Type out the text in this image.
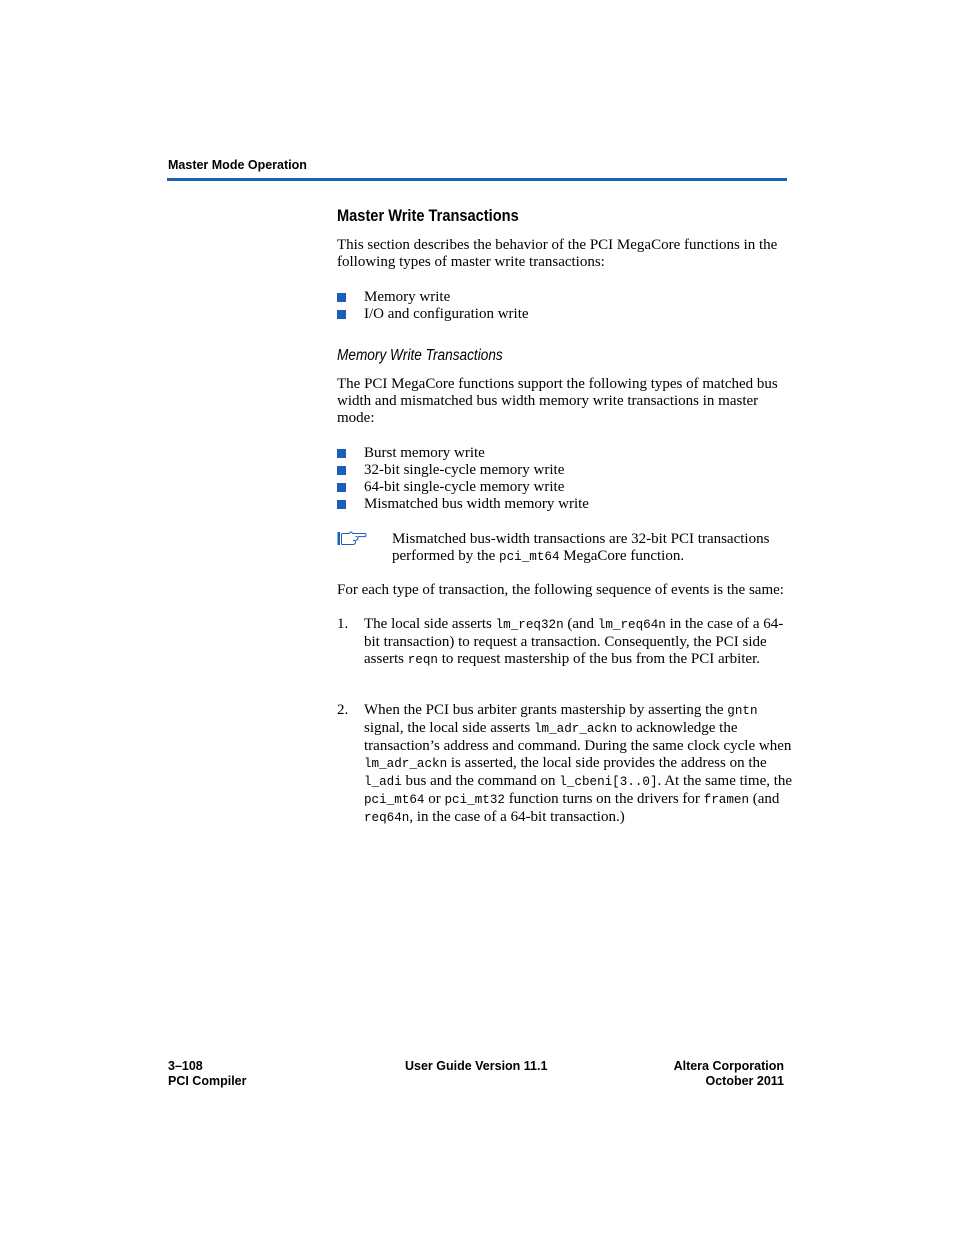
Master Mode Operation
Master Write Transactions
This section describes the behavior of the PCI MegaCore functions in the following types of master write transactions:
Memory write
I/O and configuration write
Memory Write Transactions
The PCI MegaCore functions support the following types of matched bus width and mismatched bus width memory write transactions in master mode:
Burst memory write
32-bit single-cycle memory write
64-bit single-cycle memory write
Mismatched bus width memory write
Mismatched bus-width transactions are 32-bit PCI transactions performed by the pci_mt64 MegaCore function.
For each type of transaction, the following sequence of events is the same:
1. The local side asserts lm_req32n (and lm_req64n in the case of a 64-bit transaction) to request a transaction. Consequently, the PCI side asserts reqn to request mastership of the bus from the PCI arbiter.
2. When the PCI bus arbiter grants mastership by asserting the gntn signal, the local side asserts lm_adr_ackn to acknowledge the transaction’s address and command. During the same clock cycle when lm_adr_ackn is asserted, the local side provides the address on the l_adi bus and the command on l_cbeni[3..0]. At the same time, the pci_mt64 or pci_mt32 function turns on the drivers for framen (and req64n, in the case of a 64-bit transaction.)
3–108
PCI Compiler
User Guide Version 11.1	Altera Corporation
October 2011
